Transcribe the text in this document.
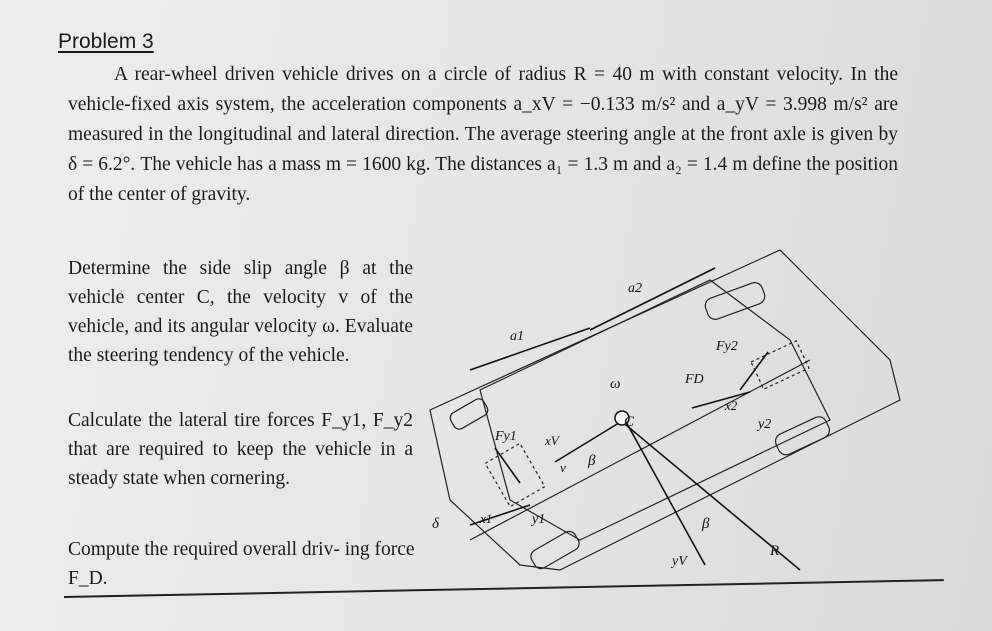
Problem 3
A rear-wheel driven vehicle drives on a circle of radius R = 40 m with constant velocity. In the vehicle-fixed axis system, the acceleration components a_xV = −0.133 m/s² and a_yV = 3.998 m/s² are measured in the longitudinal and lateral direction. The average steering angle at the front axle is given by δ = 6.2°. The vehicle has a mass m = 1600 kg. The distances a₁ = 1.3 m and a₂ = 1.4 m define the position of the center of gravity.
Determine the side slip angle β at the vehicle center C, the velocity v of the vehicle, and its angular velocity ω. Evaluate the steering tendency of the vehicle.
Calculate the lateral tire forces F_y1, F_y2 that are required to keep the vehicle in a steady state when cornering.
Compute the required overall driv- ing force F_D.
a2
a1
ω
Fy2
FD
x2
y2
C
Fy1 xV
v β
δ	x1	y1	β
R
yV
